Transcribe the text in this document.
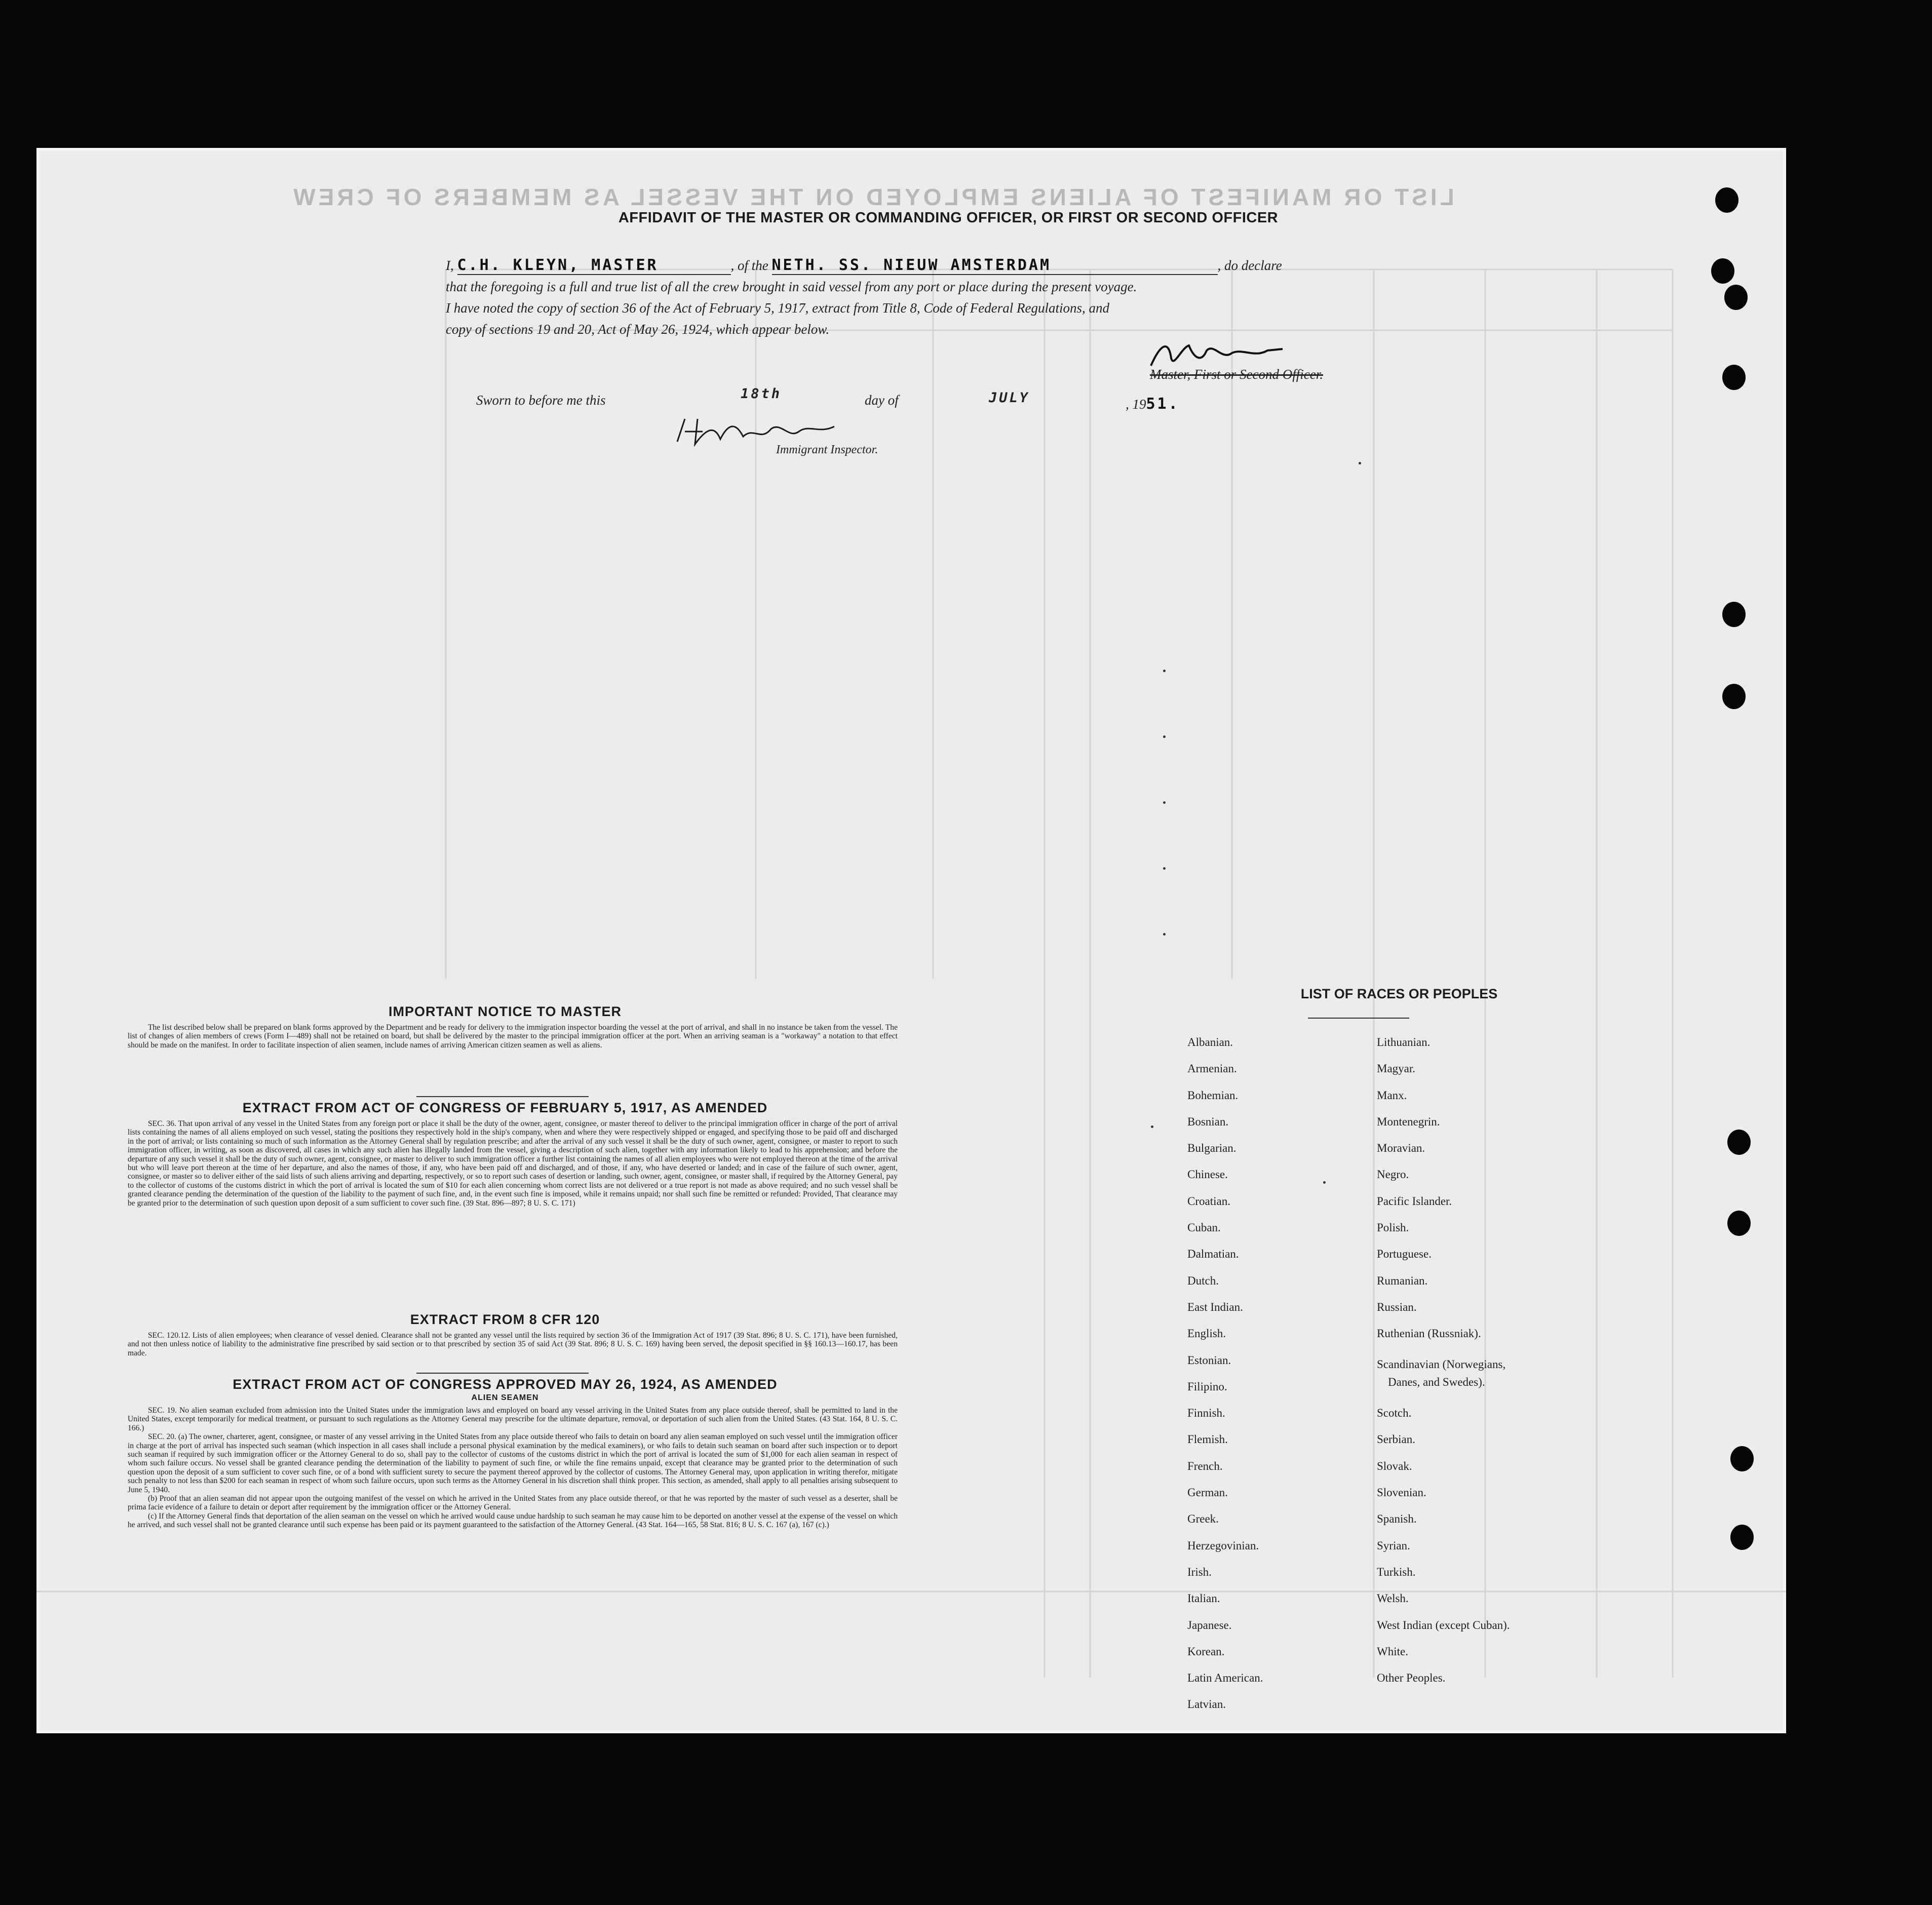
LIST OR MANIFEST OF ALIENS EMPLOYED ON THE VESSEL AS MEMBERS OF CREW
AFFIDAVIT OF THE MASTER OR COMMANDING OFFICER, OR FIRST OR SECOND OFFICER
I, C.H. KLEYN, MASTER	, of the NETH. SS. NIEUW AMSTERDAM	, do declare
that the foregoing is a full and true list of all the crew brought in said vessel from any port or place during the present voyage.
I have noted the copy of section 36 of the Act of February 5, 1917, extract from Title 8, Code of Federal Regulations, and
copy of sections 19 and 20, Act of May 26, 1924, which appear below.
Master, First or Second Officer.
Sworn to before me this	18th	day of	JULY	, 1951.
Immigrant Inspector.
IMPORTANT NOTICE TO MASTER

The list described below shall be prepared on blank forms approved by the Department and be ready for delivery to the immigration inspector boarding the vessel at the port of arrival, and shall in no instance be taken from the vessel. The list of changes of alien members of crews (Form I—489) shall not be retained on board, but shall be delivered by the master to the principal immigration officer at the port. When an arriving seaman is a "workaway" a notation to that effect should be made on the manifest. In order to facilitate inspection of alien seamen, include names of arriving American citizen seamen as well as aliens.

EXTRACT FROM ACT OF CONGRESS OF FEBRUARY 5, 1917, AS AMENDED

SEC. 36. That upon arrival of any vessel in the United States from any foreign port or place it shall be the duty of the owner, agent, consignee, or master thereof to deliver to the principal immigration officer in charge of the port of arrival lists containing the names of all aliens employed on such vessel, stating the positions they respectively hold in the ship's company, when and where they were respectively shipped or engaged, and specifying those to be paid off and discharged in the port of arrival; or lists containing so much of such information as the Attorney General shall by regulation prescribe; and after the arrival of any such vessel it shall be the duty of such owner, agent, consignee, or master to report to such immigration officer, in writing, as soon as discovered, all cases in which any such alien has illegally landed from the vessel, giving a description of such alien, together with any information likely to lead to his apprehension; and before the departure of any such vessel it shall be the duty of such owner, agent, consignee, or master to deliver to such immigration officer a further list containing the names of all alien employees who were not employed thereon at the time of the arrival but who will leave port thereon at the time of her departure, and also the names of those, if any, who have been paid off and discharged, and of those, if any, who have deserted or landed; and in case of the failure of such owner, agent, consignee, or master so to deliver either of the said lists of such aliens arriving and departing, respectively, or so to report such cases of desertion or landing, such owner, agent, consignee, or master shall, if required by the Attorney General, pay to the collector of customs of the customs district in which the port of arrival is located the sum of $10 for each alien concerning whom correct lists are not delivered or a true report is not made as above required; and no such vessel shall be granted clearance pending the determination of the question of the liability to the payment of such fine, and, in the event such fine is imposed, while it remains unpaid; nor shall such fine be remitted or refunded: Provided, That clearance may be granted prior to the determination of such question upon deposit of a sum sufficient to cover such fine. (39 Stat. 896—897; 8 U. S. C. 171)

EXTRACT FROM 8 CFR 120

SEC. 120.12. Lists of alien employees; when clearance of vessel denied. Clearance shall not be granted any vessel until the lists required by section 36 of the Immigration Act of 1917 (39 Stat. 896; 8 U. S. C. 171), have been furnished, and not then unless notice of liability to the administrative fine prescribed by said section or to that prescribed by section 35 of said Act (39 Stat. 896; 8 U. S. C. 169) having been served, the deposit specified in §§ 160.13—160.17, has been made.

EXTRACT FROM ACT OF CONGRESS APPROVED MAY 26, 1924, AS AMENDED
ALIEN SEAMEN

SEC. 19. No alien seaman excluded from admission into the United States under the immigration laws and employed on board any vessel arriving in the United States from any place outside thereof, shall be permitted to land in the United States, except temporarily for medical treatment, or pursuant to such regulations as the Attorney General may prescribe for the ultimate departure, removal, or deportation of such alien from the United States. (43 Stat. 164, 8 U. S. C. 166.)

SEC. 20. (a) The owner, charterer, agent, consignee, or master of any vessel arriving in the United States from any place outside thereof who fails to detain on board any alien seaman employed on such vessel until the immigration officer in charge at the port of arrival has inspected such seaman (which inspection in all cases shall include a personal physical examination by the medical examiners), or who fails to detain such seaman on board after such inspection or to deport such seaman if required by such immigration officer or the Attorney General to do so, shall pay to the collector of customs of the customs district in which the port of arrival is located the sum of $1,000 for each alien seaman in respect of whom such failure occurs. No vessel shall be granted clearance pending the determination of the liability to payment of such fine, or while the fine remains unpaid, except that clearance may be granted prior to the determination of such question upon the deposit of a sum sufficient to cover such fine, or of a bond with sufficient surety to secure the payment thereof approved by the collector of customs. The Attorney General may, upon application in writing therefor, mitigate such penalty to not less than $200 for each seaman in respect of whom such failure occurs, upon such terms as the Attorney General in his discretion shall think proper. This section, as amended, shall apply to all penalties arising subsequent to June 5, 1940.

(b) Proof that an alien seaman did not appear upon the outgoing manifest of the vessel on which he arrived in the United States from any place outside thereof, or that he was reported by the master of such vessel as a deserter, shall be prima facie evidence of a failure to detain or deport after requirement by the immigration officer or the Attorney General.

(c) If the Attorney General finds that deportation of the alien seaman on the vessel on which he arrived would cause undue hardship to such seaman he may cause him to be deported on another vessel at the expense of the vessel on which he arrived, and such vessel shall not be granted clearance until such expense has been paid or its payment guaranteed to the satisfaction of the Attorney General. (43 Stat. 164—165, 58 Stat. 816; 8 U. S. C. 167 (a), 167 (c).)

LIST OF RACES OR PEOPLES
Albanian.
Armenian.
Bohemian.
Bosnian.
Bulgarian.
Chinese.
Croatian.
Cuban.
Dalmatian.
Dutch.
East Indian.
English.
Estonian.
Filipino.
Finnish.
Flemish.
French.
German.
Greek.
Herzegovinian.
Irish.
Italian.
Japanese.
Korean.
Latin American.
Latvian.
Lithuanian.
Magyar.
Manx.
Montenegrin.
Moravian.
Negro.
Pacific Islander.
Polish.
Portuguese.
Rumanian.
Russian.
Ruthenian (Russniak).
Scandinavian (Norwegians,
Danes, and Swedes).
Scotch.
Serbian.
Slovak.
Slovenian.
Spanish.
Syrian.
Turkish.
Welsh.
West Indian (except Cuban).
White.
Other Peoples.
